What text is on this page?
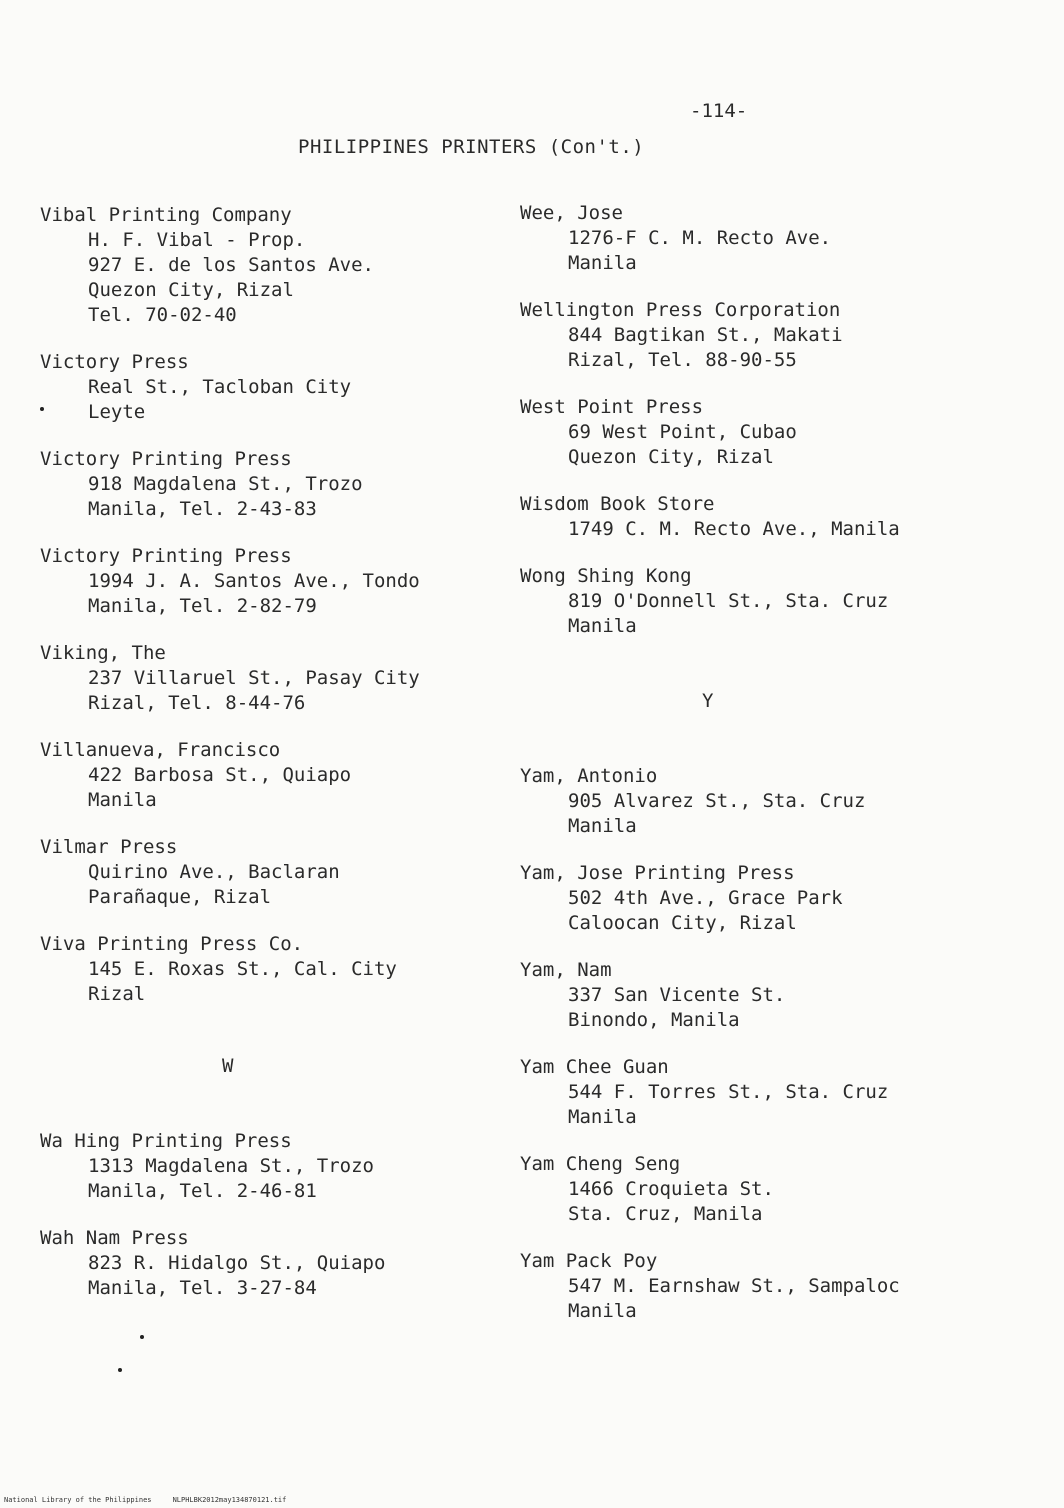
-114-
PHILIPPINES PRINTERS (Con't.)
Vibal Printing Company
H. F. Vibal - Prop.
927 E. de los Santos Ave.
Quezon City, Rizal
Tel. 70-02-40
Victory Press
Real St., Tacloban City
Leyte
Victory Printing Press
918 Magdalena St., Trozo
Manila, Tel. 2-43-83
Victory Printing Press
1994 J. A. Santos Ave., Tondo
Manila, Tel. 2-82-79
Viking, The
237 Villaruel St., Pasay City
Rizal, Tel. 8-44-76
Villanueva, Francisco
422 Barbosa St., Quiapo
Manila
Vilmar Press
Quirino Ave., Baclaran
Parañaque, Rizal
Viva Printing Press Co.
145 E. Roxas St., Cal. City
Rizal
W
Wa Hing Printing Press
1313 Magdalena St., Trozo
Manila, Tel. 2-46-81
Wah Nam Press
823 R. Hidalgo St., Quiapo
Manila, Tel. 3-27-84
Wee, Jose
1276-F C. M. Recto Ave.
Manila
Wellington Press Corporation
844 Bagtikan St., Makati
Rizal, Tel. 88-90-55
West Point Press
69 West Point, Cubao
Quezon City, Rizal
Wisdom Book Store
1749 C. M. Recto Ave., Manila
Wong Shing Kong
819 O'Donnell St., Sta. Cruz
Manila
Y
Yam, Antonio
905 Alvarez St., Sta. Cruz
Manila
Yam, Jose Printing Press
502 4th Ave., Grace Park
Caloocan City, Rizal
Yam, Nam
337 San Vicente St.
Binondo, Manila
Yam Chee Guan
544 F. Torres St., Sta. Cruz
Manila
Yam Cheng Seng
1466 Croquieta St.
Sta. Cruz, Manila
Yam Pack Poy
547 M. Earnshaw St., Sampaloc
Manila
National Library of the Philippines     NLPHLBK2012may134870121.tif
